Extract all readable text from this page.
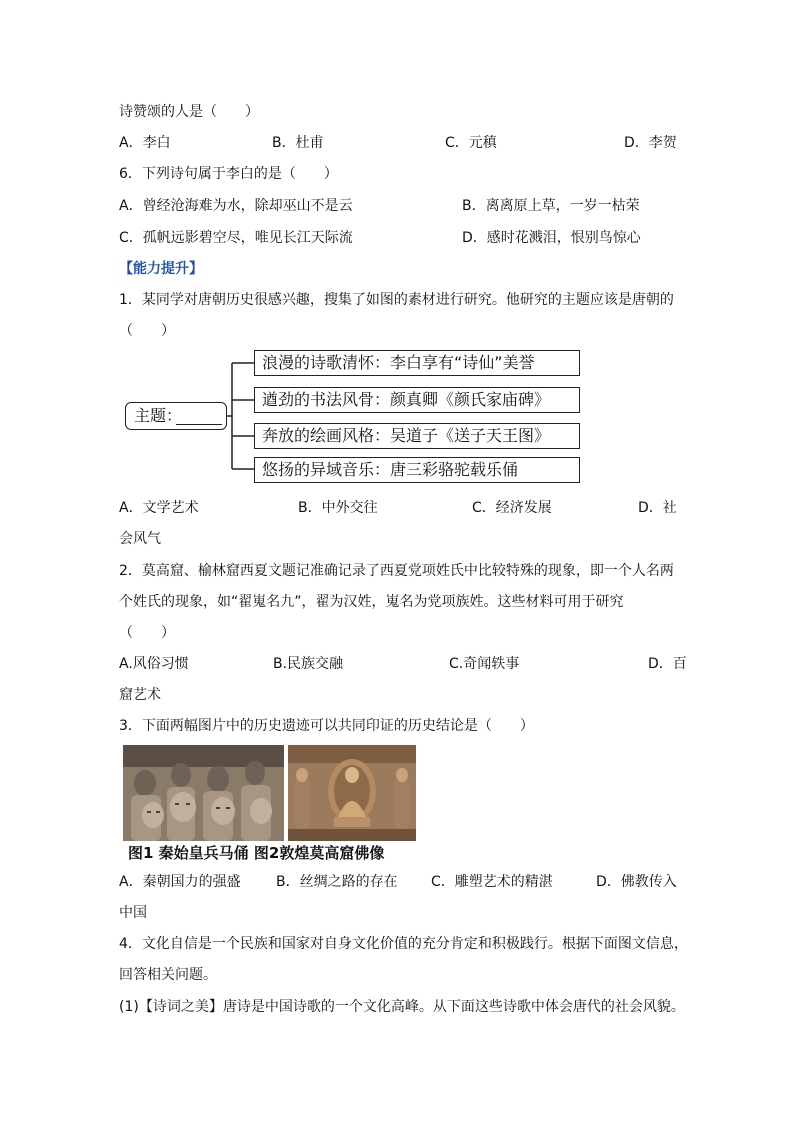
诗赞颂的人是（　　）
A．李白	B．杜甫	C．元稹	D．李贺
6．下列诗句属于李白的是（　　）
A．曾经沧海难为水，除却巫山不是云	B．离离原上草，一岁一枯荣
C．孤帆远影碧空尽，唯见长江天际流	D．感时花溅泪，恨别鸟惊心
【能力提升】
1．某同学对唐朝历史很感兴趣，搜集了如图的素材进行研究。他研究的主题应该是唐朝的
（　　）
主题：
浪漫的诗歌清怀：李白享有“诗仙”美誉
遒劲的书法风骨：颜真卿《颜氏家庙碑》
奔放的绘画风格：吴道子《送子天王图》
悠扬的异域音乐：唐三彩骆驼载乐俑
A．文学艺术	B．中外交往	C．经济发展	D．社
会风气
2．莫高窟、榆林窟西夏文题记准确记录了西夏党项姓氏中比较特殊的现象，即一个人名两
个姓氏的现象，如“翟嵬名九”，翟为汉姓，嵬名为党项族姓。这些材料可用于研究
（　　）
A.风俗习惯	B.民族交融	C.奇闻轶事	D．百
窟艺术
3．下面两幅图片中的历史遗迹可以共同印证的历史结论是（　　）
图1 秦始皇兵马俑 图2敦煌莫高窟佛像
A．秦朝国力的强盛	B．丝绸之路的存在 C．雕塑艺术的精湛	D．佛教传入
中国
4．文化自信是一个民族和国家对自身文化价值的充分肯定和积极践行。根据下面图文信息，
回答相关问题。
(1)【诗词之美】唐诗是中国诗歌的一个文化高峰。从下面这些诗歌中体会唐代的社会风貌。
